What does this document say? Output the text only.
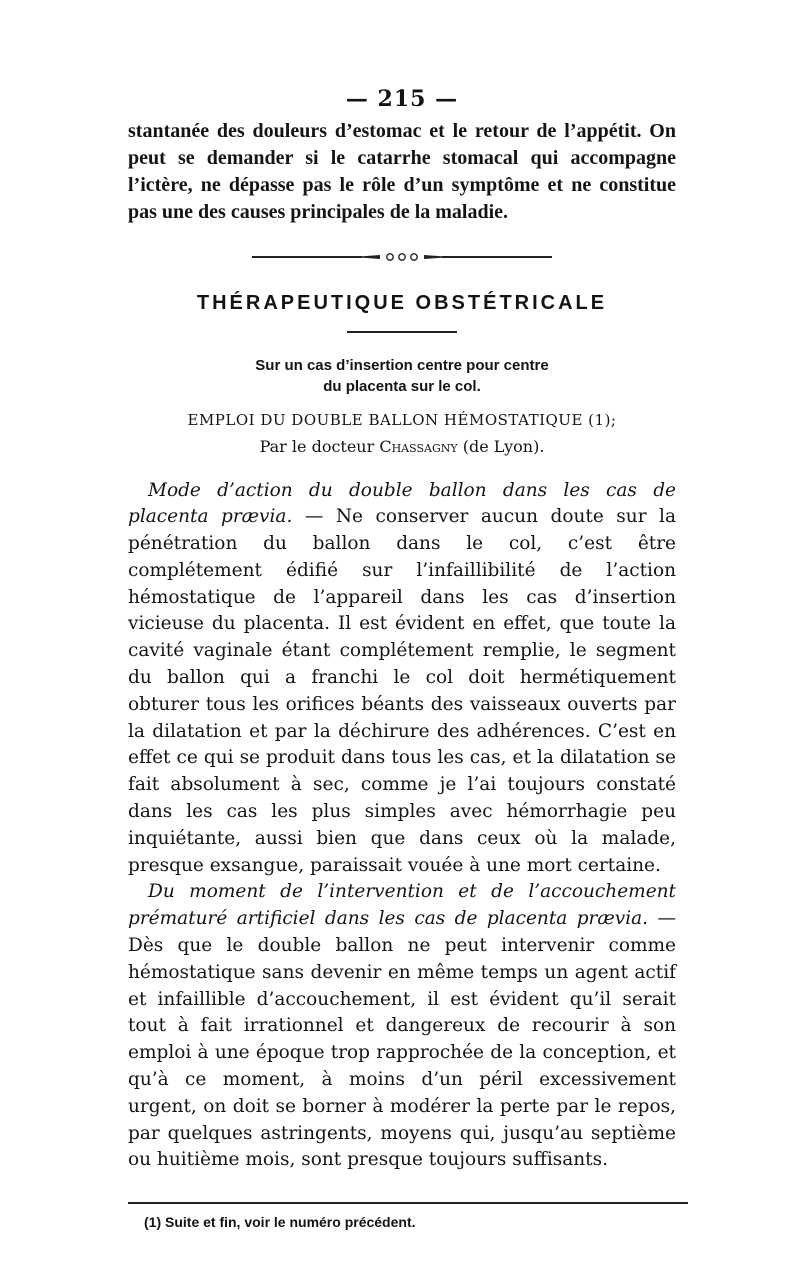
— 215 —

stantanée des douleurs d’estomac et le retour de l’appétit. On peut se demander si le catarrhe stomacal qui accompagne l’ictère, ne dépasse pas le rôle d’un symptôme et ne constitue pas une des causes principales de la maladie.

THÉRAPEUTIQUE OBSTÉTRICALE
Sur un cas d’insertion centre pour centre
du placenta sur le col.

EMPLOI DU DOUBLE BALLON HÉMOSTATIQUE (1);

Par le docteur Chassagny (de Lyon).

Mode d’action du double ballon dans les cas de placenta prævia. — Ne conserver aucun doute sur la pénétration du ballon dans le col, c’est être complétement édifié sur l’infaillibilité de l’action hémostatique de l’appareil dans les cas d’insertion vicieuse du placenta. Il est évident en effet, que toute la cavité vaginale étant complétement remplie, le segment du ballon qui a franchi le col doit hermétiquement obturer tous les orifices béants des vaisseaux ouverts par la dilatation et par la déchirure des adhérences. C’est en effet ce qui se produit dans tous les cas, et la dilatation se fait absolument à sec, comme je l’ai toujours constaté dans les cas les plus simples avec hémorrhagie peu inquiétante, aussi bien que dans ceux où la malade, presque exsangue, paraissait vouée à une mort certaine.

Du moment de l’intervention et de l’accouchement prématuré artificiel dans les cas de placenta prævia. — Dès que le double ballon ne peut intervenir comme hémostatique sans devenir en même temps un agent actif et infaillible d’accouchement, il est évident qu’il serait tout à fait irrationnel et dangereux de recourir à son emploi à une époque trop rapprochée de la conception, et qu’à ce moment, à moins d’un péril excessivement urgent, on doit se borner à modérer la perte par le repos, par quelques astringents, moyens qui, jusqu’au septième ou huitième mois, sont presque toujours suffisants.

(1) Suite et fin, voir le numéro précédent.
